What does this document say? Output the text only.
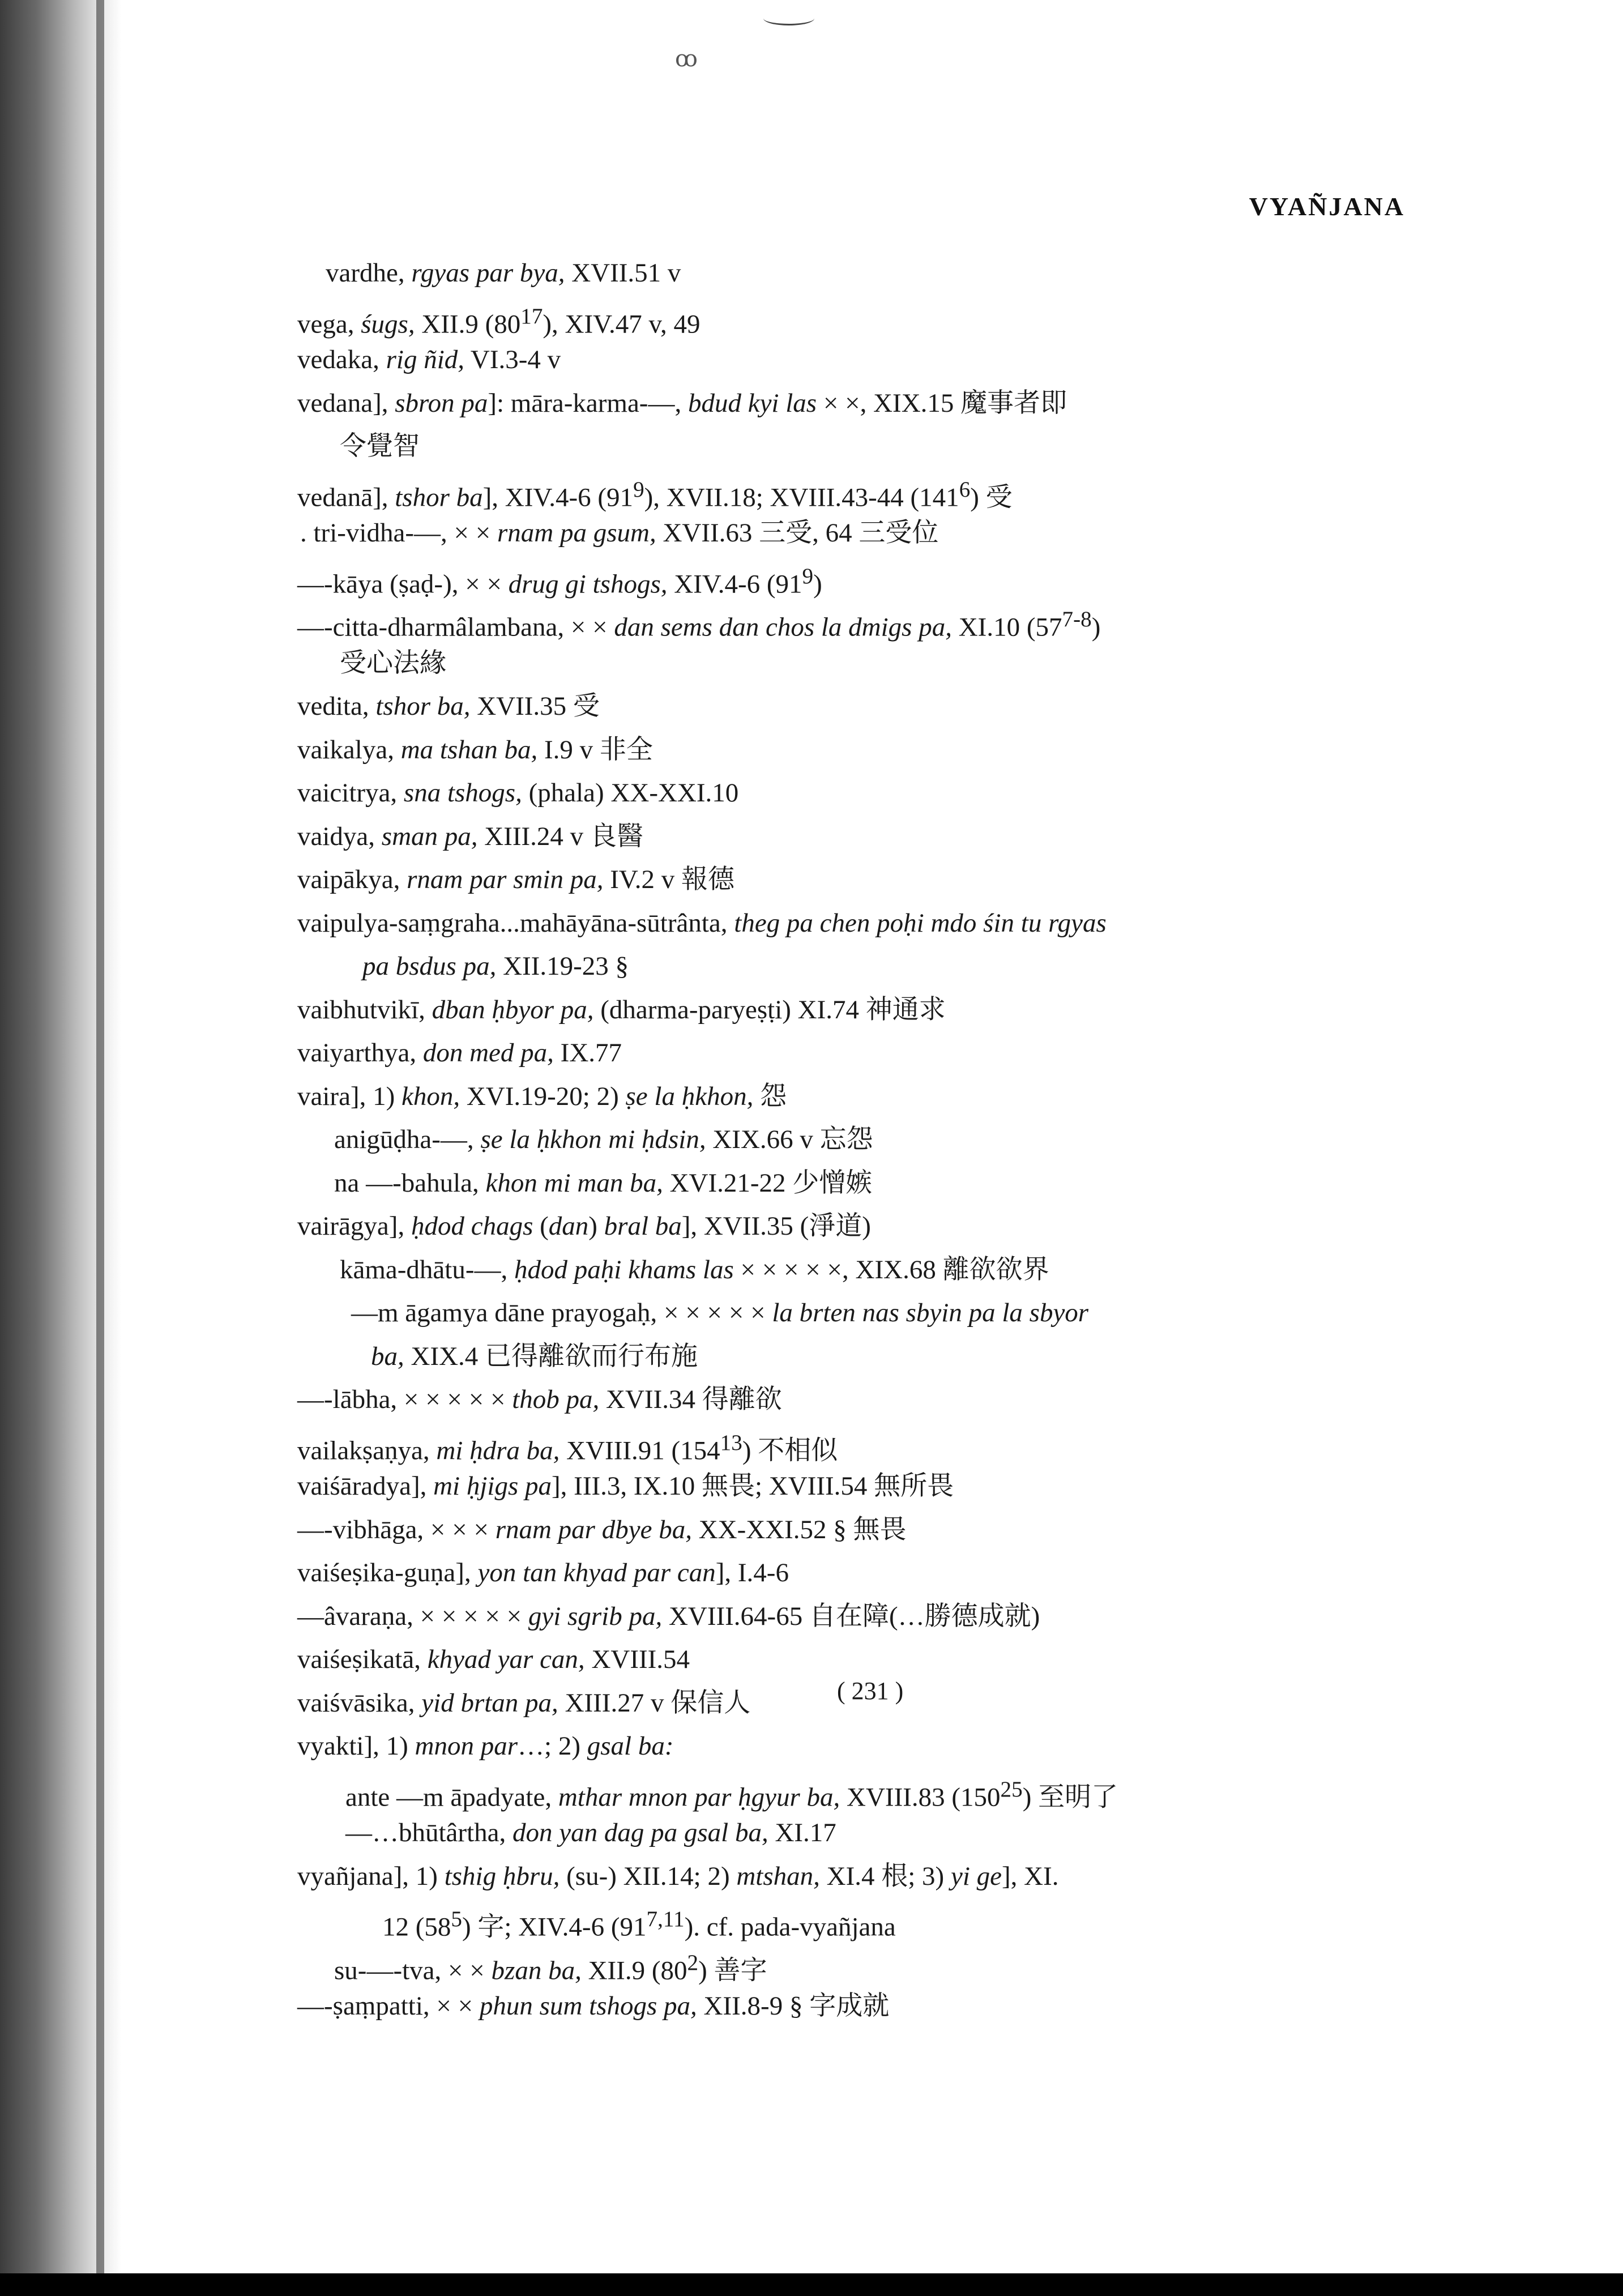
ꝏ
VYAÑJANA
vardhe, rgyas par bya, XVII.51 v
vega, śugs, XII.9 $(80^{17})$, XIV.47 v, 49
vedaka, rig ñid, VI.3-4 v
vedana], sbron pa]: māra-karma-—, bdud kyi las × ×, XIX.15 魔事者即
令覺智
vedanā], tshor ba], XIV.4-6 $(91^9)$, XVII.18; XVIII.43-44 $(141^6)$ 受
. tri-vidha-—, × × rnam pa gsum, XVII.63 三受, 64 三受位
—-kāya (ṣaḍ-), × × drug gi tshogs, XIV.4-6 $(91^9)$
—-citta-dharmâlambana, × × dan sems dan chos la dmigs pa, XI.10 (57$^{7-8}$)
受心法緣
vedita, tshor ba, XVII.35 受
vaikalya, ma tshan ba, I.9 v 非全
vaicitrya, sna tshogs, (phala) XX-XXI.10
vaidya, sman pa, XIII.24 v 良醫
vaipākya, rnam par smin pa, IV.2 v 報德
vaipulya-saṃgraha...mahāyāna-sūtrânta, theg pa chen poḥi mdo śin tu rgyas
pa bsdus pa, XII.19-23 §
vaibhutvikī, dban ḥbyor pa, (dharma-paryeṣṭi) XI.74 神通求
vaiyarthya, don med pa, IX.77
vaira], 1) khon, XVI.19-20; 2) ṣe la ḥkhon, 怨
anigūḍha-—, ṣe la ḥkhon mi ḥdsin, XIX.66 v 忘怨
na —-bahula, khon mi man ba, XVI.21-22 少憎嫉
vairāgya], ḥdod chags (dan) bral ba], XVII.35 (淨道)
kāma-dhātu-—, ḥdod paḥi khams las × × × × ×, XIX.68 離欲欲界
—m āgamya dāne prayogaḥ, × × × × × la brten nas sbyin pa la sbyor
ba, XIX.4 已得離欲而行布施
—-lābha, × × × × × thob pa, XVII.34 得離欲
vailakṣaṇya, mi ḥdra ba, XVIII.91 $(154^{13})$ 不相似
vaiśāradya], mi ḥjigs pa], III.3, IX.10 無畏; XVIII.54 無所畏
—-vibhāga, × × × rnam par dbye ba, XX-XXI.52 § 無畏
vaiśeṣika-guṇa], yon tan khyad par can], I.4-6
—âvaraṇa, × × × × × gyi sgrib pa, XVIII.64-65 自在障(…勝德成就)
vaiśeṣikatā, khyad yar can, XVIII.54
vaiśvāsika, yid brtan pa, XIII.27 v 保信人
vyakti], 1) mnon par…; 2) gsal ba:
ante —m āpadyate, mthar mnon par ḥgyur ba, XVIII.83 $(150^{25})$ 至明了
—…bhūtârtha, don yan dag pa gsal ba, XI.17
vyañjana], 1) tshig ḥbru, (su-) XII.14; 2) mtshan, XI.4 根; 3) yi ge], XI.
12 $(58^5)$ 字; XIV.4-6 (91$^{7,11}$). cf. pada-vyañjana
su-—-tva, × × bzan ba, XII.9 $(80^2)$ 善字
—-ṣaṃpatti, × × phun sum tshogs pa, XII.8-9 § 字成就
( 231 )
